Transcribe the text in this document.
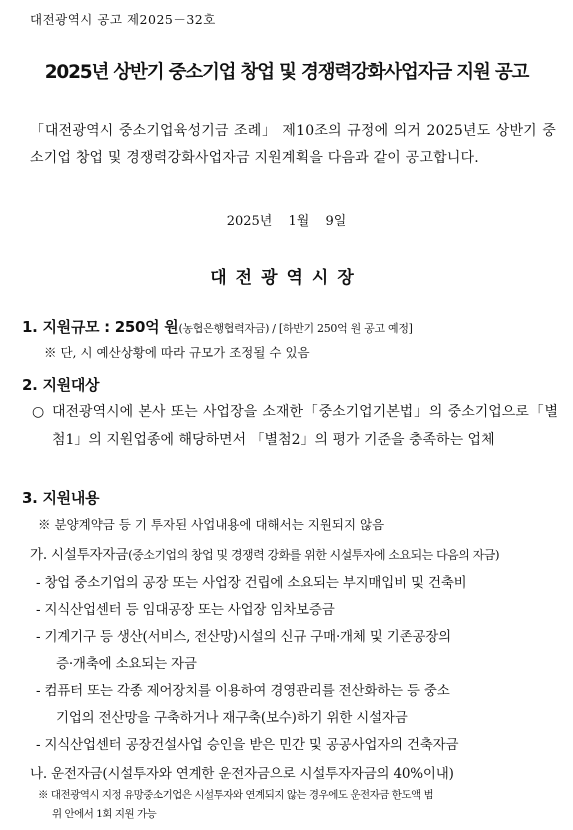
대전광역시 공고 제2025－32호
2025년 상반기 중소기업 창업 및 경쟁력강화사업자금 지원 공고
「대전광역시 중소기업육성기금 조례」 제10조의 규정에 의거 2025년도 상반기 중소기업 창업 및 경쟁력강화사업자금 지원계획을 다음과 같이 공고합니다.
2025년 1월 9일
대전광역시장
1. 지원규모 : 250억 원(농협은행협력자금) / [하반기 250억 원 공고 예정]
※ 단, 시 예산상황에 따라 규모가 조정될 수 있음
2. 지원대상
○ 대전광역시에 본사 또는 사업장을 소재한「중소기업기본법」의 중소기업으로「별첨1」의 지원업종에 해당하면서 「별첨2」의 평가 기준을 충족하는 업체
3. 지원내용
※ 분양계약금 등 기 투자된 사업내용에 대해서는 지원되지 않음
가. 시설투자자금(중소기업의 창업 및 경쟁력 강화를 위한 시설투자에 소요되는 다음의 자금)
- 창업 중소기업의 공장 또는 사업장 건립에 소요되는 부지매입비 및 건축비
- 지식산업센터 등 임대공장 또는 사업장 임차보증금
- 기계기구 등 생산(서비스, 전산망)시설의 신규 구매·개체 및 기존공장의
증·개축에 소요되는 자금
- 컴퓨터 또는 각종 제어장치를 이용하여 경영관리를 전산화하는 등 중소
기업의 전산망을 구축하거나 재구축(보수)하기 위한 시설자금
- 지식산업센터 공장건설사업 승인을 받은 민간 및 공공사업자의 건축자금
나. 운전자금(시설투자와 연계한 운전자금으로 시설투자자금의 40%이내)
※ 대전광역시 지정 유망중소기업은 시설투자와 연계되지 않는 경우에도 운전자금 한도액 범
위 안에서 1회 지원 가능
